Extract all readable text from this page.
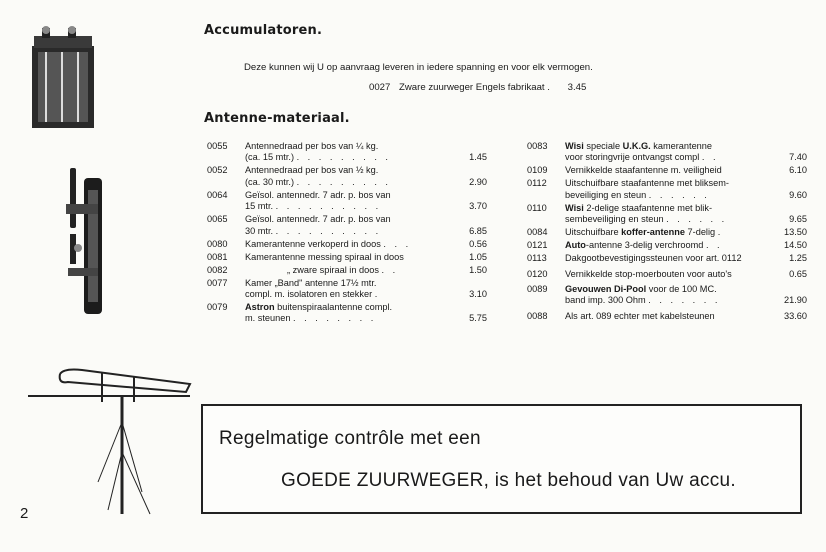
Accumulatoren.
Deze kunnen wij U op aanvraag leveren in iedere spanning en voor elk vermogen.
0027 Zware zuurweger Engels fabrikaat . 3.45
Antenne-materiaal.
0055	Antennedraad per bos van ¼ kg.
(ca. 15 mtr.) . . . . . . . . .	1.45
0052	Antennedraad per bos van ½ kg.
(ca. 30 mtr.) . . . . . . . . .	2.90
0064	Geïsol. antennedr. 7 adr. p. bos van
15 mtr. . . . . . . . . . .	3.70
0065	Geïsol. antennedr. 7 adr. p. bos van
30 mtr. . . . . . . . . . .	6.85
0080	Kamerantenne verkoperd in doos . . .	0.56
0081	Kamerantenne messing spiraal in doos	1.05
0082	„ zware spiraal in doos . .	1.50
0077	Kamer „Band" antenne 17½ mtr.
compl. m. isolatoren en stekker .	3.10
0079	Astron buitenspiraalantenne compl.
m. steunen . . . . . . . .	5.75
0083	Wisi speciale U.K.G. kamerantenne
voor storingvrije ontvangst compl . .	7.40
0109	Vernikkelde staafantenne m. veiligheid	6.10
0112	Uitschuifbare staafantenne met bliksem-
beveiliging en steun . . . . . .	9.60
0110	Wisi 2-delige staafantenne met blik-
sembeveiliging en steun . . . . . .	9.65
0084	Uitschuifbare koffer-antenne 7-delig .	13.50
0121	Auto-antenne 3-delig verchroomd . .	14.50
0113	Dakgootbevestigingssteunen voor art. 0112	1.25
0120	Vernikkelde stop-moerbouten voor auto's	0.65
0089	Gevouwen Di-Pool voor de 100 MC.
band imp. 300 Ohm . . . . . . .	21.90
0088	Als art. 089 echter met kabelsteunen	33.60
Regelmatige contrôle met een
GOEDE ZUURWEGER, is het behoud van Uw accu.
2
